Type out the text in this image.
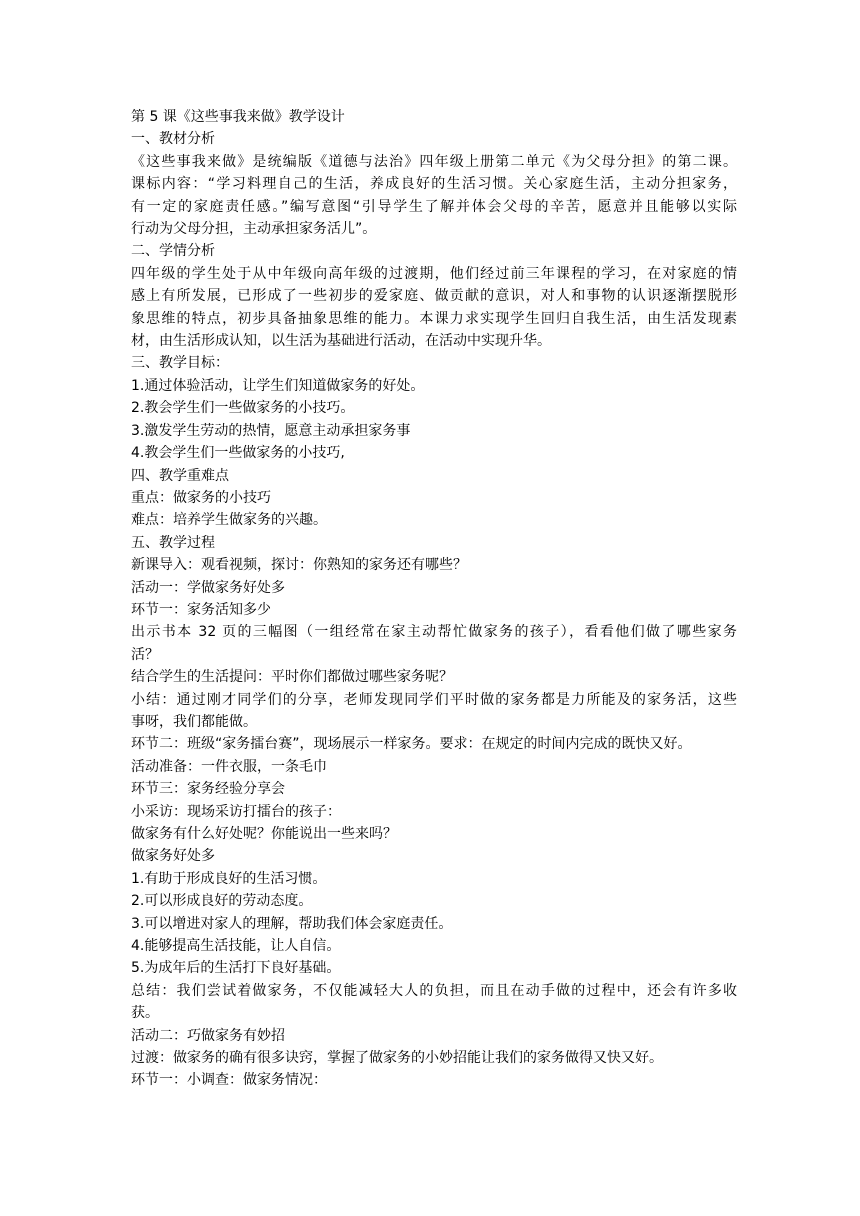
第 5 课《这些事我来做》教学设计
一、教材分析
《这些事我来做》是统编版《道德与法治》四年级上册第二单元《为父母分担》的第二课。
课标内容：“学习料理自己的生活，养成良好的生活习惯。关心家庭生活，主动分担家务，
有一定的家庭责任感。”编写意图“引导学生了解并体会父母的辛苦，愿意并且能够以实际
行动为父母分担，主动承担家务活儿”。
二、学情分析
四年级的学生处于从中年级向高年级的过渡期，他们经过前三年课程的学习，在对家庭的情
感上有所发展，已形成了一些初步的爱家庭、做贡献的意识，对人和事物的认识逐渐摆脱形
象思维的特点，初步具备抽象思维的能力。本课力求实现学生回归自我生活，由生活发现素
材，由生活形成认知，以生活为基础进行活动，在活动中实现升华。
三、教学目标：
1.通过体验活动，让学生们知道做家务的好处。
2.教会学生们一些做家务的小技巧。
3.激发学生劳动的热情，愿意主动承担家务事
4.教会学生们一些做家务的小技巧,
四、教学重难点
重点：做家务的小技巧
难点：培养学生做家务的兴趣。
五、教学过程
新课导入：观看视频，探讨：你熟知的家务还有哪些？
活动一：学做家务好处多
环节一：家务活知多少
出示书本 32 页的三幅图（一组经常在家主动帮忙做家务的孩子），看看他们做了哪些家务
活？
结合学生的生活提问：平时你们都做过哪些家务呢？
小结：通过刚才同学们的分享，老师发现同学们平时做的家务都是力所能及的家务活，这些
事呀，我们都能做。
环节二：班级“家务擂台赛”，现场展示一样家务。要求：在规定的时间内完成的既快又好。
活动准备：一件衣服，一条毛巾
环节三：家务经验分享会
小采访：现场采访打擂台的孩子：
做家务有什么好处呢？你能说出一些来吗？
做家务好处多
1.有助于形成良好的生活习惯。
2.可以形成良好的劳动态度。
3.可以增进对家人的理解，帮助我们体会家庭责任。
4.能够提高生活技能，让人自信。
5.为成年后的生活打下良好基础。
总结：我们尝试着做家务，不仅能减轻大人的负担，而且在动手做的过程中，还会有许多收
获。
活动二：巧做家务有妙招
过渡：做家务的确有很多诀窍，掌握了做家务的小妙招能让我们的家务做得又快又好。
环节一：小调查：做家务情况：
